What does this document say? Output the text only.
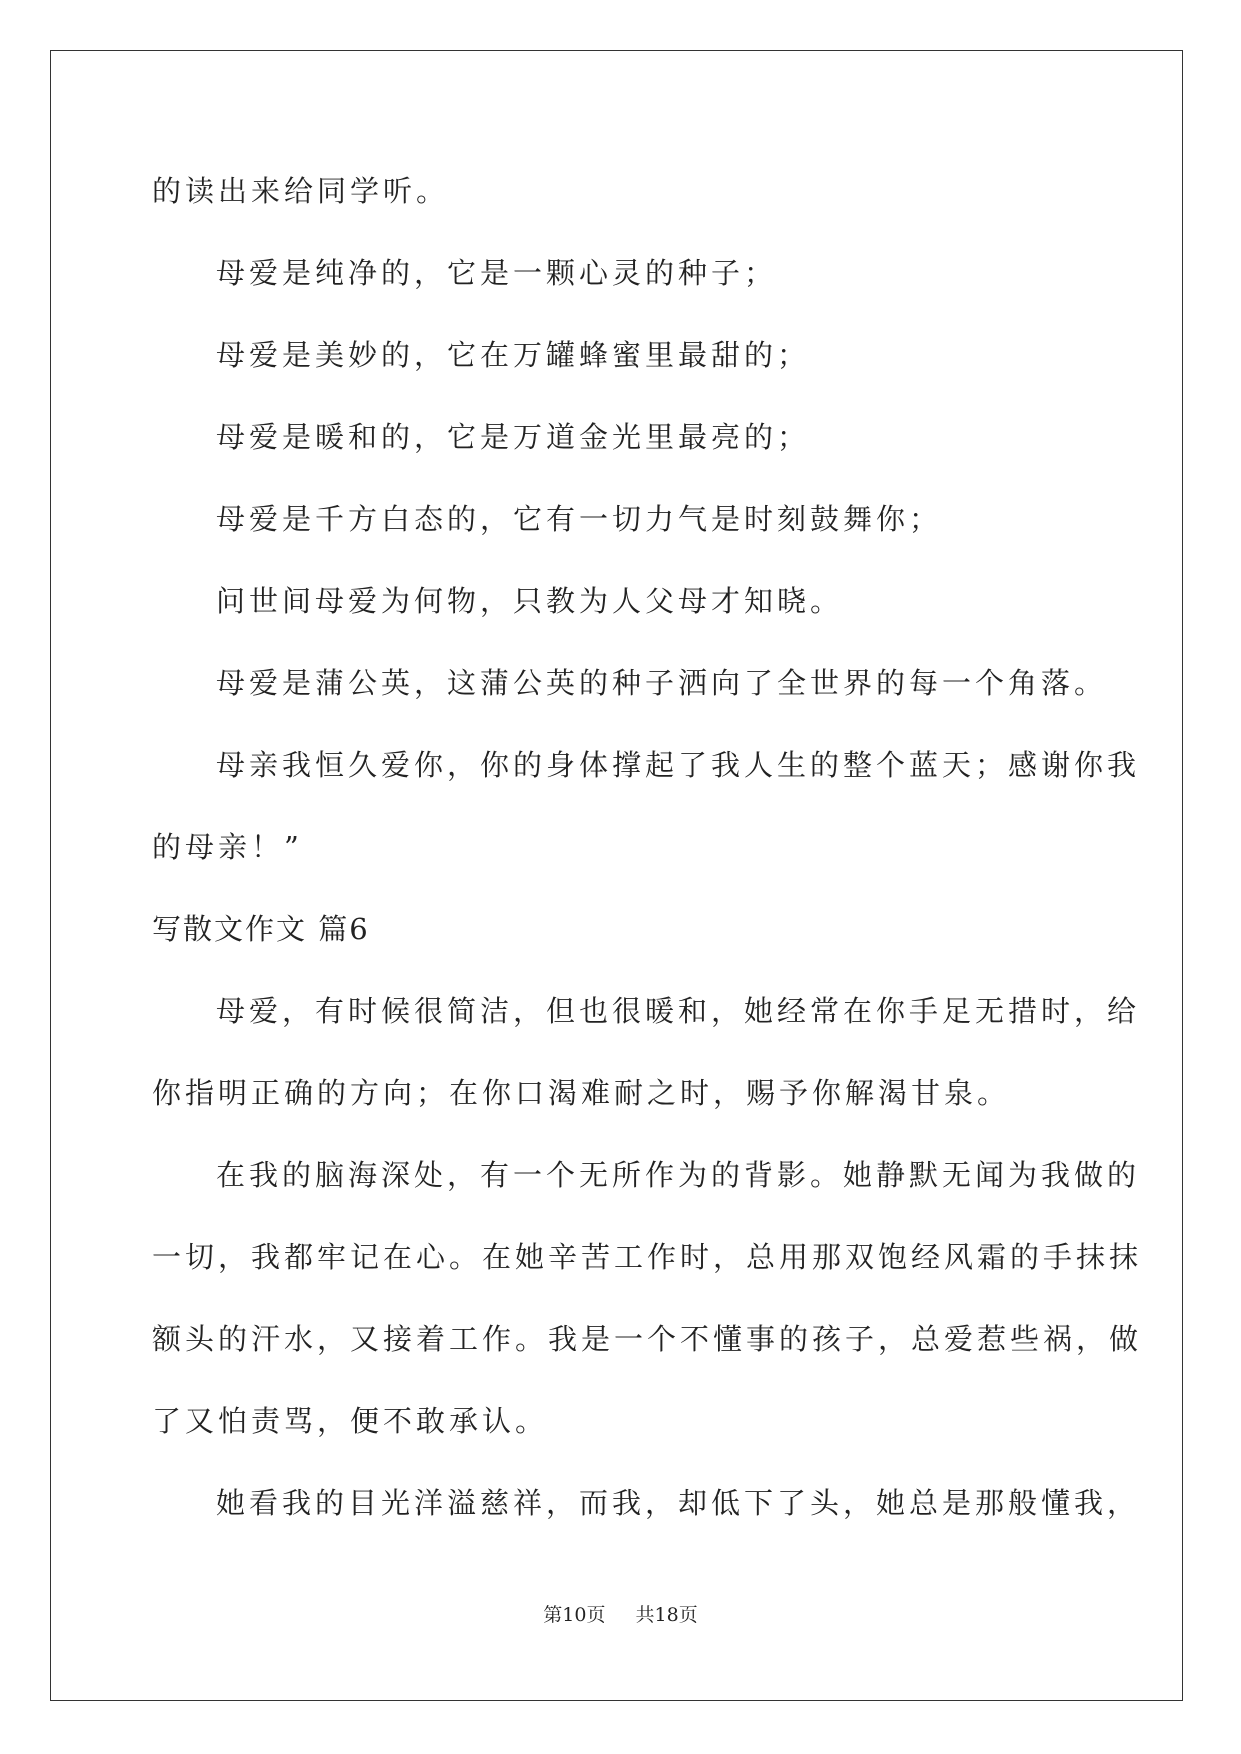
的读出来给同学听。
母爱是纯净的，它是一颗心灵的种子；
母爱是美妙的，它在万罐蜂蜜里最甜的；
母爱是暖和的，它是万道金光里最亮的；
母爱是千方白态的，它有一切力气是时刻鼓舞你；
问世间母爱为何物，只教为人父母才知晓。
母爱是蒲公英，这蒲公英的种子洒向了全世界的每一个角落。
母亲我恒久爱你，你的身体撑起了我人生的整个蓝天；感谢你我
的母亲！”
写散文作文 篇6
母爱，有时候很简洁，但也很暖和，她经常在你手足无措时，给
你指明正确的方向；在你口渴难耐之时，赐予你解渴甘泉。
在我的脑海深处，有一个无所作为的背影。她静默无闻为我做的
一切，我都牢记在心。在她辛苦工作时，总用那双饱经风霜的手抹抹
额头的汗水，又接着工作。我是一个不懂事的孩子，总爱惹些祸，做
了又怕责骂，便不敢承认。
她看我的目光洋溢慈祥，而我，却低下了头，她总是那般懂我，
第10页 共18页
